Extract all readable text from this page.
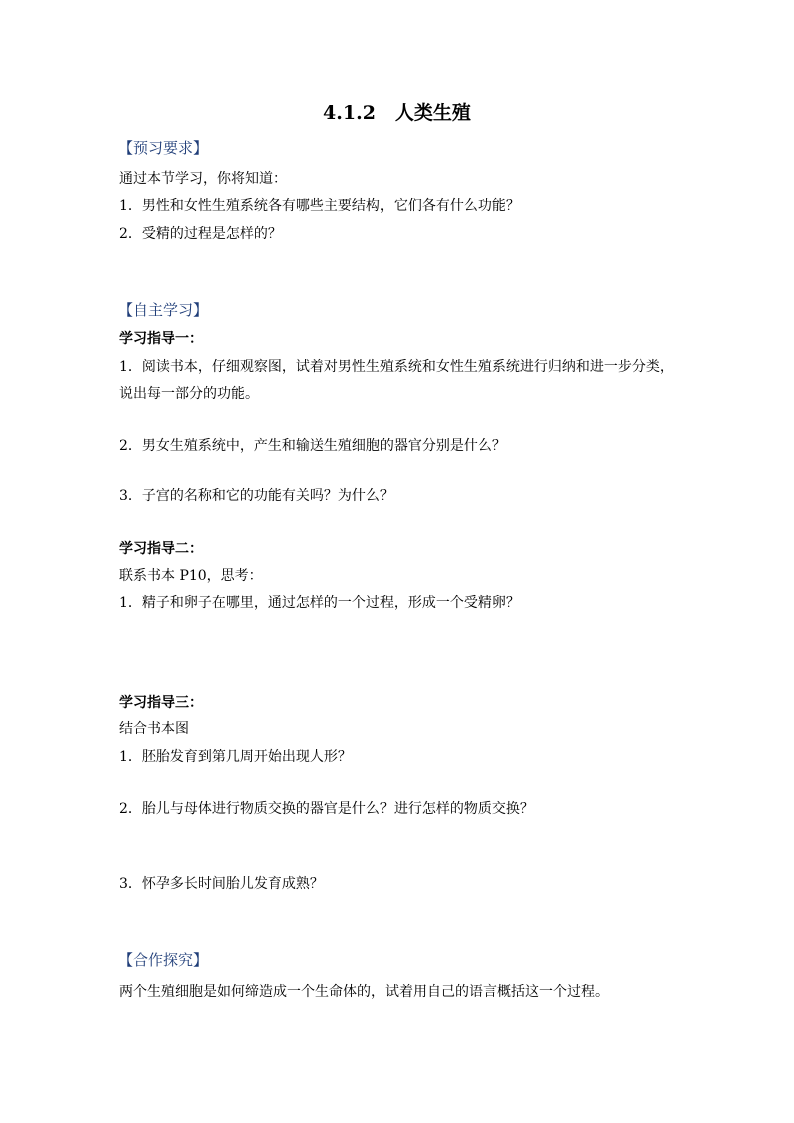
4.1.2　人类生殖

【预习要求】

通过本节学习，你将知道：

1．男性和女性生殖系统各有哪些主要结构，它们各有什么功能？

2．受精的过程是怎样的？

【自主学习】

学习指导一：

1．阅读书本，仔细观察图，试着对男性生殖系统和女性生殖系统进行归纳和进一步分类，

说出每一部分的功能。

2．男女生殖系统中，产生和输送生殖细胞的器官分别是什么？

3．子宫的名称和它的功能有关吗？为什么？

学习指导二：

联系书本 P10，思考：

1．精子和卵子在哪里，通过怎样的一个过程，形成一个受精卵？

学习指导三：

结合书本图

1．胚胎发育到第几周开始出现人形？

2．胎儿与母体进行物质交换的器官是什么？进行怎样的物质交换？

3．怀孕多长时间胎儿发育成熟？

【合作探究】

两个生殖细胞是如何缔造成一个生命体的，试着用自己的语言概括这一个过程。
